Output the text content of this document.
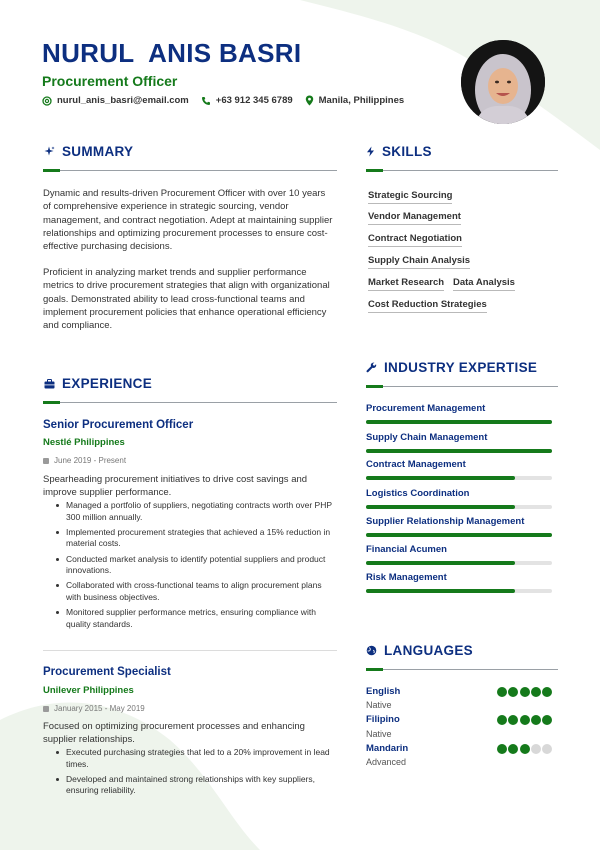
NURUL  ANIS BASRI
Procurement Officer
nurul_anis_basri@email.com	+63 912 345 6789	Manila, Philippines
SUMMARY
Dynamic and results-driven Procurement Officer with over 10 years of comprehensive experience in strategic sourcing, vendor management, and contract negotiation. Adept at maintaining supplier relationships and optimizing procurement processes to ensure cost-effective purchasing decisions.
Proficient in analyzing market trends and supplier performance metrics to drive procurement strategies that align with organizational goals. Demonstrated ability to lead cross-functional teams and implement procurement policies that enhance operational efficiency and compliance.
EXPERIENCE
Senior Procurement Officer
Nestlé Philippines
June 2019 - Present
Spearheading procurement initiatives to drive cost savings and improve supplier performance.
Managed a portfolio of suppliers, negotiating contracts worth over PHP 300 million annually.
Implemented procurement strategies that achieved a 15% reduction in material costs.
Conducted market analysis to identify potential suppliers and product innovations.
Collaborated with cross-functional teams to align procurement plans with business objectives.
Monitored supplier performance metrics, ensuring compliance with quality standards.
Procurement Specialist
Unilever Philippines
January 2015 - May 2019
Focused on optimizing procurement processes and enhancing supplier relationships.
Executed purchasing strategies that led to a 20% improvement in lead times.
Developed and maintained strong relationships with key suppliers, ensuring reliability.
SKILLS
Strategic Sourcing
Vendor Management
Contract Negotiation
Supply Chain Analysis
Market Research Data Analysis
Cost Reduction Strategies
INDUSTRY EXPERTISE
Procurement Management
Supply Chain Management
Contract Management
Logistics Coordination
Supplier Relationship Management
Financial Acumen
Risk Management
LANGUAGES
English
Native
Filipino
Native
Mandarin
Advanced
